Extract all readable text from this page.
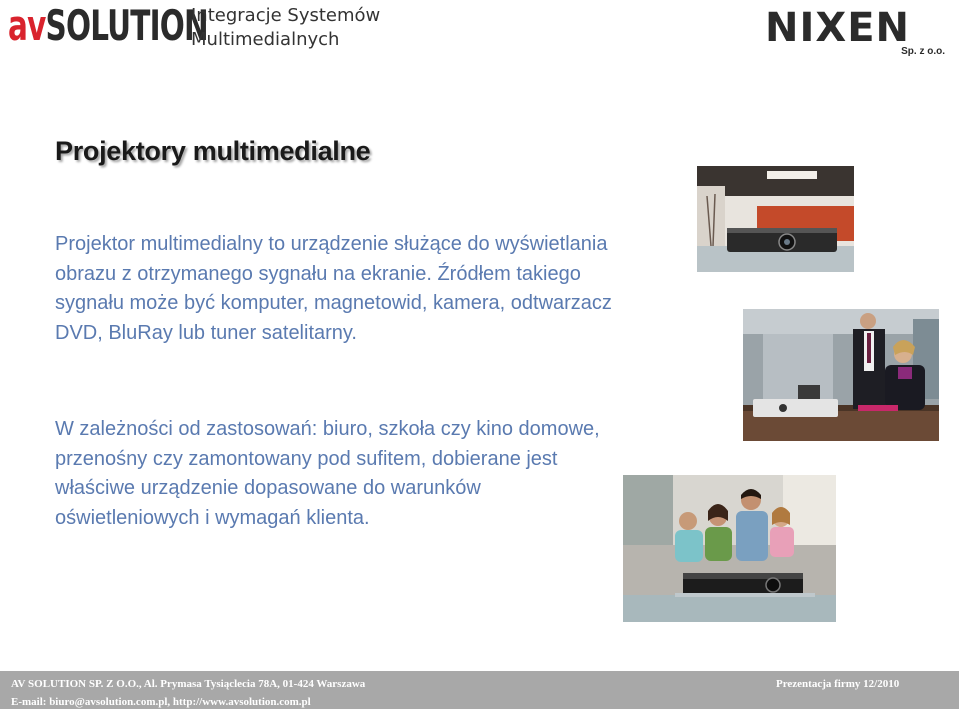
avSOLUTION
Integracje Systemów
Multimedialnych	NIXEN
Sp. z o.o.
Projektory multimedialne
Projektor multimedialny to urządzenie służące do wyświetlania obrazu z otrzymanego sygnału na ekranie. Źródłem takiego sygnału może być komputer, magnetowid, kamera, odtwarzacz DVD, BluRay lub tuner satelitarny.
W zależności od zastosowań: biuro, szkoła czy kino domowe, przenośny czy zamontowany pod sufitem, dobierane jest właściwe urządzenie dopasowane do warunków oświetleniowych i wymagań klienta.
AV SOLUTION SP. Z O.O., Al. Prymasa Tysiąclecia 78A, 01-424 Warszawa
E-mail: biuro@avsolution.com.pl, http://www.avsolution.com.pl
Prezentacja firmy 12/2010
